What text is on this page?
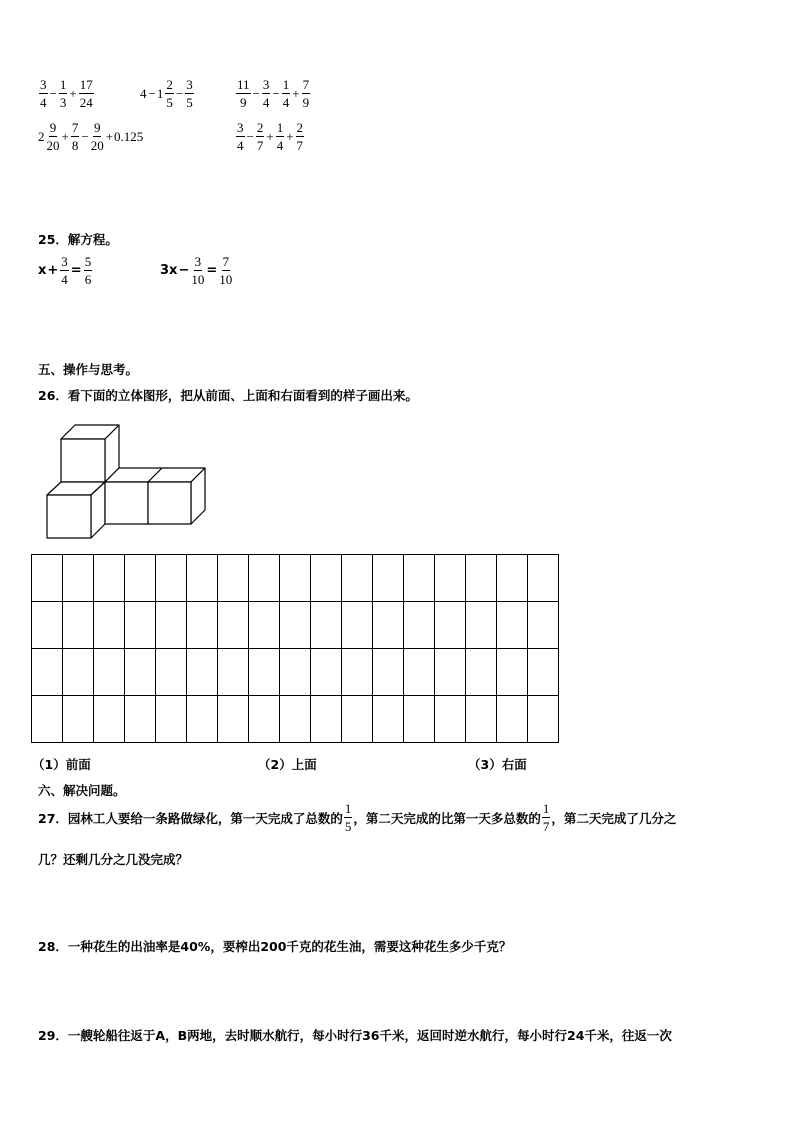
$\frac{3}{4} - \frac{1}{3} + \frac{17}{24}$	$4 - 1 \frac{2}{5} - \frac{3}{5}$	$\frac{11}{9} - \frac{3}{4} - \frac{1}{4} + \frac{7}{9}$
$2 \frac{9}{20} + \frac{7}{8} - \frac{9}{20} + 0.125$	$\frac{3}{4} - \frac{2}{7} + \frac{1}{4} + \frac{2}{7}$
25．解方程。
$x + \frac{3}{4} = \frac{5}{6}$	$3x - \frac{3}{10} = \frac{7}{10}$
五、操作与思考。
26．看下面的立体图形，把从前面、上面和右面看到的样子画出来。

（1）前面	（2）上面	（3）右面
六、解决问题。
27．园林工人要给一条路做绿化，第一天完成了总数的 $\frac{1}{5}$ ，第二天完成的比第一天多总数的 $\frac{1}{7}$ ，第二天完成了几分之
几？还剩几分之几没完成？
28．一种花生的出油率是40%，要榨出200千克的花生油，需要这种花生多少千克？
29．一艘轮船往返于A，B两地，去时顺水航行，每小时行36千米，返回时逆水航行，每小时行24千米，往返一次
